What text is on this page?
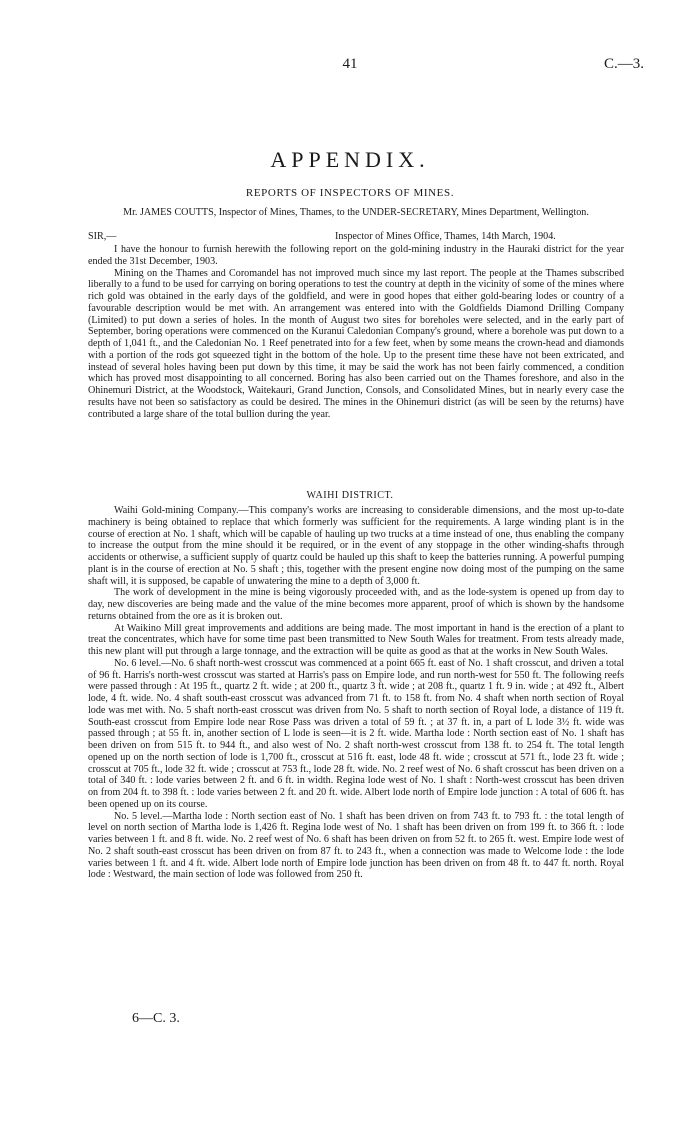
41	C.—3.
APPENDIX.
REPORTS OF INSPECTORS OF MINES.
Mr. JAMES COUTTS, Inspector of Mines, Thames, to the UNDER-SECRETARY, Mines Department, Wellington.
SIR,—	Inspector of Mines Office, Thames, 14th March, 1904.

I have the honour to furnish herewith the following report on the gold-mining industry in the Hauraki district for the year ended the 31st December, 1903.

Mining on the Thames and Coromandel has not improved much since my last report. The people at the Thames subscribed liberally to a fund to be used for carrying on boring operations to test the country at depth in the vicinity of some of the mines where rich gold was obtained in the early days of the goldfield, and were in good hopes that either gold-bearing lodes or country of a favourable description would be met with. An arrangement was entered into with the Goldfields Diamond Drilling Company (Limited) to put down a series of holes. In the month of August two sites for boreholes were selected, and in the early part of September, boring operations were commenced on the Kuranui Caledonian Company's ground, where a borehole was put down to a depth of 1,041 ft., and the Caledonian No. 1 Reef penetrated into for a few feet, when by some means the crown-head and diamonds with a portion of the rods got squeezed tight in the bottom of the hole. Up to the present time these have not been extricated, and instead of several holes having been put down by this time, it may be said the work has not been fairly commenced, a condition which has proved most disappointing to all concerned. Boring has also been carried out on the Thames foreshore, and also in the Ohinemuri District, at the Woodstock, Waitekauri, Grand Junction, Consols, and Consolidated Mines, but in nearly every case the results have not been so satisfactory as could be desired. The mines in the Ohinemuri district (as will be seen by the returns) have contributed a large share of the total bullion during the year.

WAIHI DISTRICT.

Waihi Gold-mining Company.—This company's works are increasing to considerable dimensions, and the most up-to-date machinery is being obtained to replace that which formerly was sufficient for the requirements. A large winding plant is in the course of erection at No. 1 shaft, which will be capable of hauling up two trucks at a time instead of one, thus enabling the company to increase the output from the mine should it be required, or in the event of any stoppage in the other winding-shafts through accidents or otherwise, a sufficient supply of quartz could be hauled up this shaft to keep the batteries running. A powerful pumping plant is in the course of erection at No. 5 shaft ; this, together with the present engine now doing most of the pumping on the same shaft will, it is supposed, be capable of unwatering the mine to a depth of 3,000 ft.

The work of development in the mine is being vigorously proceeded with, and as the lode-system is opened up from day to day, new discoveries are being made and the value of the mine becomes more apparent, proof of which is shown by the handsome returns obtained from the ore as it is broken out.

At Waikino Mill great improvements and additions are being made. The most important in hand is the erection of a plant to treat the concentrates, which have for some time past been transmitted to New South Wales for treatment. From tests already made, this new plant will put through a large tonnage, and the extraction will be quite as good as that at the works in New South Wales.

No. 6 level.—No. 6 shaft north-west crosscut was commenced at a point 665 ft. east of No. 1 shaft crosscut, and driven a total of 96 ft. Harris's north-west crosscut was started at Harris's pass on Empire lode, and run north-west for 550 ft. The following reefs were passed through : At 195 ft., quartz 2 ft. wide ; at 200 ft., quartz 3 ft. wide ; at 208 ft., quartz 1 ft. 9 in. wide ; at 492 ft., Albert lode, 4 ft. wide. No. 4 shaft south-east crosscut was advanced from 71 ft. to 158 ft. from No. 4 shaft when north section of Royal lode was met with. No. 5 shaft north-east crosscut was driven from No. 5 shaft to north section of Royal lode, a distance of 119 ft. South-east crosscut from Empire lode near Rose Pass was driven a total of 59 ft. ; at 37 ft. in, a part of L lode 3½ ft. wide was passed through ; at 55 ft. in, another section of L lode is seen—it is 2 ft. wide. Martha lode : North section east of No. 1 shaft has been driven on from 515 ft. to 944 ft., and also west of No. 2 shaft north-west crosscut from 138 ft. to 254 ft. The total length opened up on the north section of lode is 1,700 ft., crosscut at 516 ft. east, lode 48 ft. wide ; crosscut at 571 ft., lode 23 ft. wide ; crosscut at 705 ft., lode 32 ft. wide ; crosscut at 753 ft., lode 28 ft. wide. No. 2 reef west of No. 6 shaft crosscut has been driven on a total of 340 ft. : lode varies between 2 ft. and 6 ft. in width. Regina lode west of No. 1 shaft : North-west crosscut has been driven on from 204 ft. to 398 ft. : lode varies between 2 ft. and 20 ft. wide. Albert lode north of Empire lode junction : A total of 606 ft. has been opened up on its course.

No. 5 level.—Martha lode : North section east of No. 1 shaft has been driven on from 743 ft. to 793 ft. : the total length of level on north section of Martha lode is 1,426 ft. Regina lode west of No. 1 shaft has been driven on from 199 ft. to 366 ft. : lode varies between 1 ft. and 8 ft. wide. No. 2 reef west of No. 6 shaft has been driven on from 52 ft. to 265 ft. west. Empire lode west of No. 2 shaft south-east crosscut has been driven on from 87 ft. to 243 ft., when a connection was made to Welcome lode : the lode varies between 1 ft. and 4 ft. wide. Albert lode north of Empire lode junction has been driven on from 48 ft. to 447 ft. north. Royal lode : Westward, the main section of lode was followed from 250 ft.

6—C. 3.
